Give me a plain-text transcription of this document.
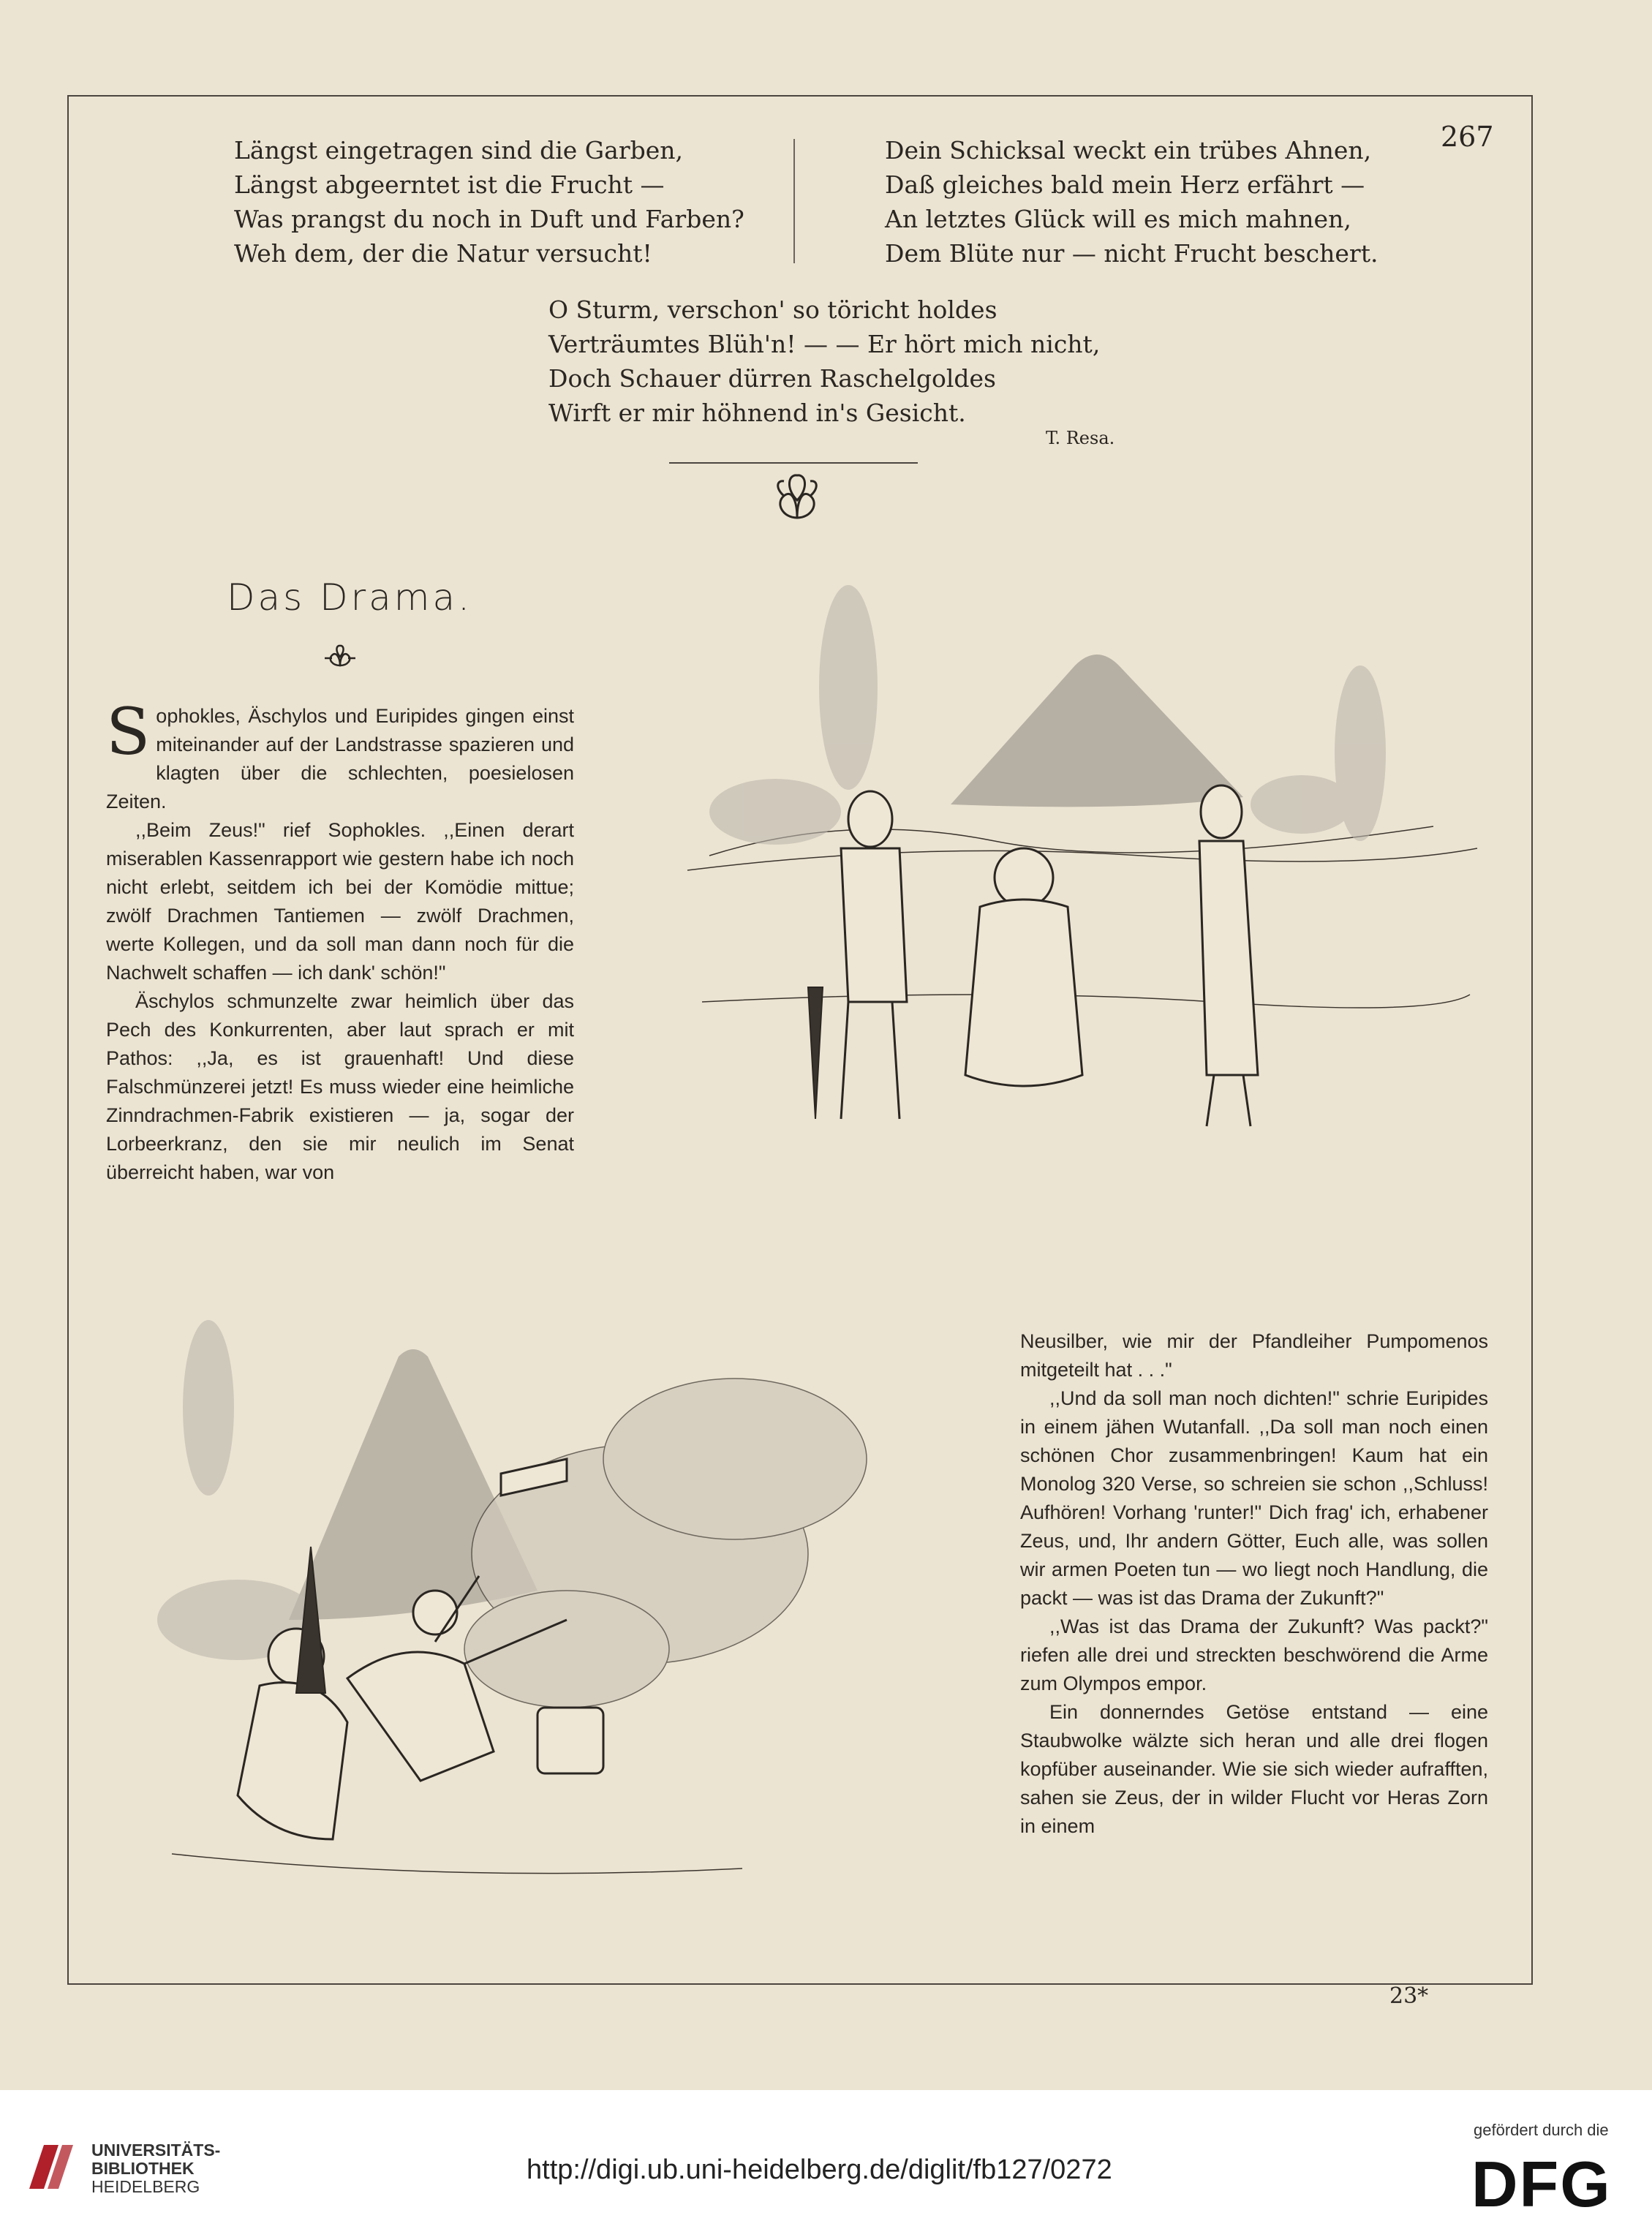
267
Längst eingetragen sind die Garben,
Längst abgeerntet ist die Frucht —
Was prangst du noch in Duft und Farben?
Weh dem, der die Natur versucht!
Dein Schicksal weckt ein trübes Ahnen,
Daß gleiches bald mein Herz erfährt —
An letztes Glück will es mich mahnen,
Dem Blüte nur — nicht Frucht beschert.
O Sturm, verschon' so töricht holdes
Verträumtes Blüh'n! — — Er hört mich nicht,
Doch Schauer dürren Raschelgoldes
Wirft er mir höhnend in's Gesicht.
T. Resa.
Das Drama.

Sophokles, Äschylos und Euripides gingen einst miteinander auf der Landstrasse spazieren und klagten über die schlechten, poesielosen Zeiten.

,,Beim Zeus!" rief Sophokles. ,,Einen derart miserablen Kassenrapport wie gestern habe ich noch nicht erlebt, seitdem ich bei der Komödie mittue; zwölf Drachmen Tantiemen — zwölf Drachmen, werte Kollegen, und da soll man dann noch für die Nachwelt schaffen — ich dank' schön!"

Äschylos schmunzelte zwar heimlich über das Pech des Konkurrenten, aber laut sprach er mit Pathos: ,,Ja, es ist grauenhaft! Und diese Falschmünzerei jetzt! Es muss wieder eine heimliche Zinndrachmen-Fabrik existieren — ja, sogar der Lorbeerkranz, den sie mir neulich im Senat überreicht haben, war von

Neusilber, wie mir der Pfandleiher Pumpomenos mitgeteilt hat . . ."

,,Und da soll man noch dichten!" schrie Euripides in einem jähen Wutanfall. ,,Da soll man noch einen schönen Chor zusammenbringen! Kaum hat ein Monolog 320 Verse, so schreien sie schon ,,Schluss! Aufhören! Vorhang 'runter!" Dich frag' ich, erhabener Zeus, und, Ihr andern Götter, Euch alle, was sollen wir armen Poeten tun — wo liegt noch Handlung, die packt — was ist das Drama der Zukunft?"

,,Was ist das Drama der Zukunft? Was packt?" riefen alle drei und streckten beschwörend die Arme zum Olympos empor.

Ein donnerndes Getöse entstand — eine Staubwolke wälzte sich heran und alle drei flogen kopfüber auseinander. Wie sie sich wieder aufrafften, sahen sie Zeus, der in wilder Flucht vor Heras Zorn in einem

23*
UNIVERSITÄTS-
BIBLIOTHEK
HEIDELBERG
http://digi.ub.uni-heidelberg.de/diglit/fb127/0272
gefördert durch die
DFG
